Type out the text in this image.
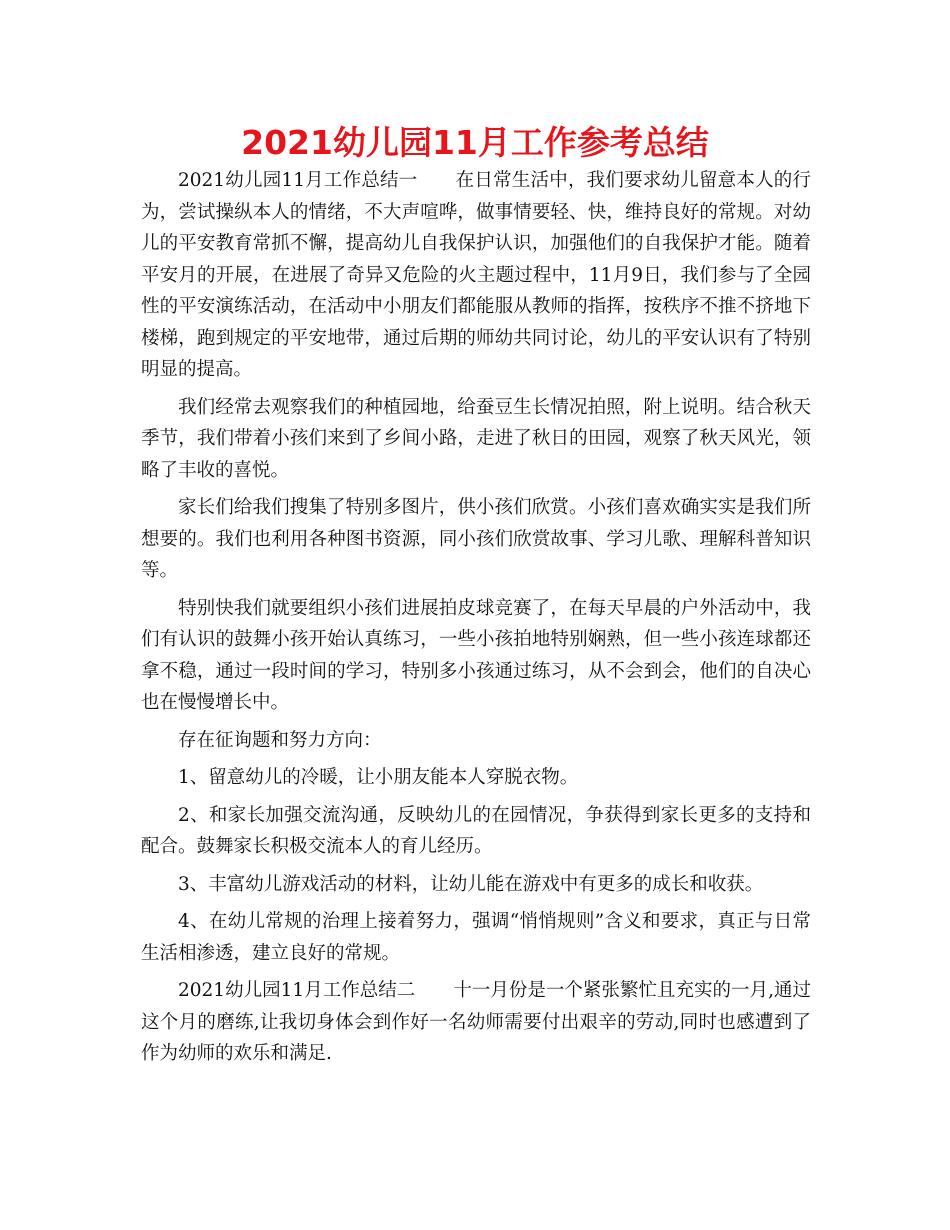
2021幼儿园11月工作参考总结

2021幼儿园11月工作总结一 在日常生活中，我们要求幼儿留意本人的行为，尝试操纵本人的情绪，不大声喧哗，做事情要轻、快，维持良好的常规。对幼儿的平安教育常抓不懈，提高幼儿自我保护认识，加强他们的自我保护才能。随着平安月的开展，在进展了奇异又危险的火主题过程中，11月9日，我们参与了全园性的平安演练活动，在活动中小朋友们都能服从教师的指挥，按秩序不推不挤地下楼梯，跑到规定的平安地带，通过后期的师幼共同讨论，幼儿的平安认识有了特别明显的提高。

我们经常去观察我们的种植园地，给蚕豆生长情况拍照，附上说明。结合秋天季节，我们带着小孩们来到了乡间小路，走进了秋日的田园，观察了秋天风光，领略了丰收的喜悦。

家长们给我们搜集了特别多图片，供小孩们欣赏。小孩们喜欢确实实是我们所想要的。我们也利用各种图书资源，同小孩们欣赏故事、学习儿歌、理解科普知识等。

特别快我们就要组织小孩们进展拍皮球竞赛了，在每天早晨的户外活动中，我们有认识的鼓舞小孩开始认真练习，一些小孩拍地特别娴熟，但一些小孩连球都还拿不稳，通过一段时间的学习，特别多小孩通过练习，从不会到会，他们的自决心也在慢慢增长中。

存在征询题和努力方向：

1、留意幼儿的冷暖，让小朋友能本人穿脱衣物。

2、和家长加强交流沟通，反映幼儿的在园情况，争获得到家长更多的支持和配合。鼓舞家长积极交流本人的育儿经历。

3、丰富幼儿游戏活动的材料，让幼儿能在游戏中有更多的成长和收获。

4、在幼儿常规的治理上接着努力，强调“悄悄规则”含义和要求，真正与日常生活相渗透，建立良好的常规。

2021幼儿园11月工作总结二 十一月份是一个紧张繁忙且充实的一月,通过这个月的磨练,让我切身体会到作好一名幼师需要付出艰辛的劳动,同时也感遭到了作为幼师的欢乐和满足.
